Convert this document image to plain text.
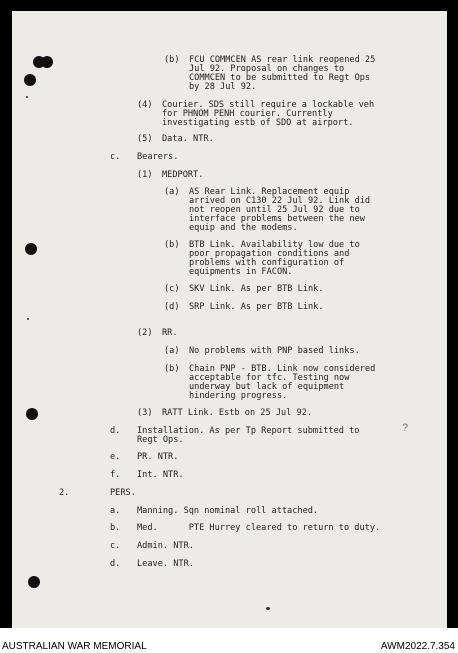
?
(b) FCU COMMCEN AS rear link reopened 25
Jul 92. Proposal on changes to
COMMCEN to be submitted to Regt Ops
by 28 Jul 92.
(4) Courier. SDS still require a lockable veh
for PHNOM PENH courier. Currently
investigating estb of SDO at airport.
(5) Data. NTR.
c. Bearers.
(1) MEDPORT.
(a) AS Rear Link. Replacement equip
arrived on C130 22 Jul 92. Link did
not reopen until 25 Jul 92 due to
interface problems between the new
equip and the modems.
(b) BTB Link. Availability low due to
poor propagation conditions and
problems with configuration of
equipments in FACON.
(c) SKV Link. As per BTB Link.
(d) SRP Link. As per BTB Link.
(2) RR.
(a) No problems with PNP based links.
(b) Chain PNP - BTB. Link now considered
acceptable for tfc. Testing now
underway but lack of equipment
hindering progress.
(3) RATT Link. Estb on 25 Jul 92.
d. Installation. As per Tp Report submitted to
Regt Ops.
e. PR. NTR.
f. Int. NTR.
2.	PERS.
a. Manning. Sqn nominal roll attached.
b. Med.      PTE Hurrey cleared to return to duty.
c. Admin. NTR.
d. Leave. NTR.
AUSTRALIAN WAR MEMORIAL	AWM2022.7.354
